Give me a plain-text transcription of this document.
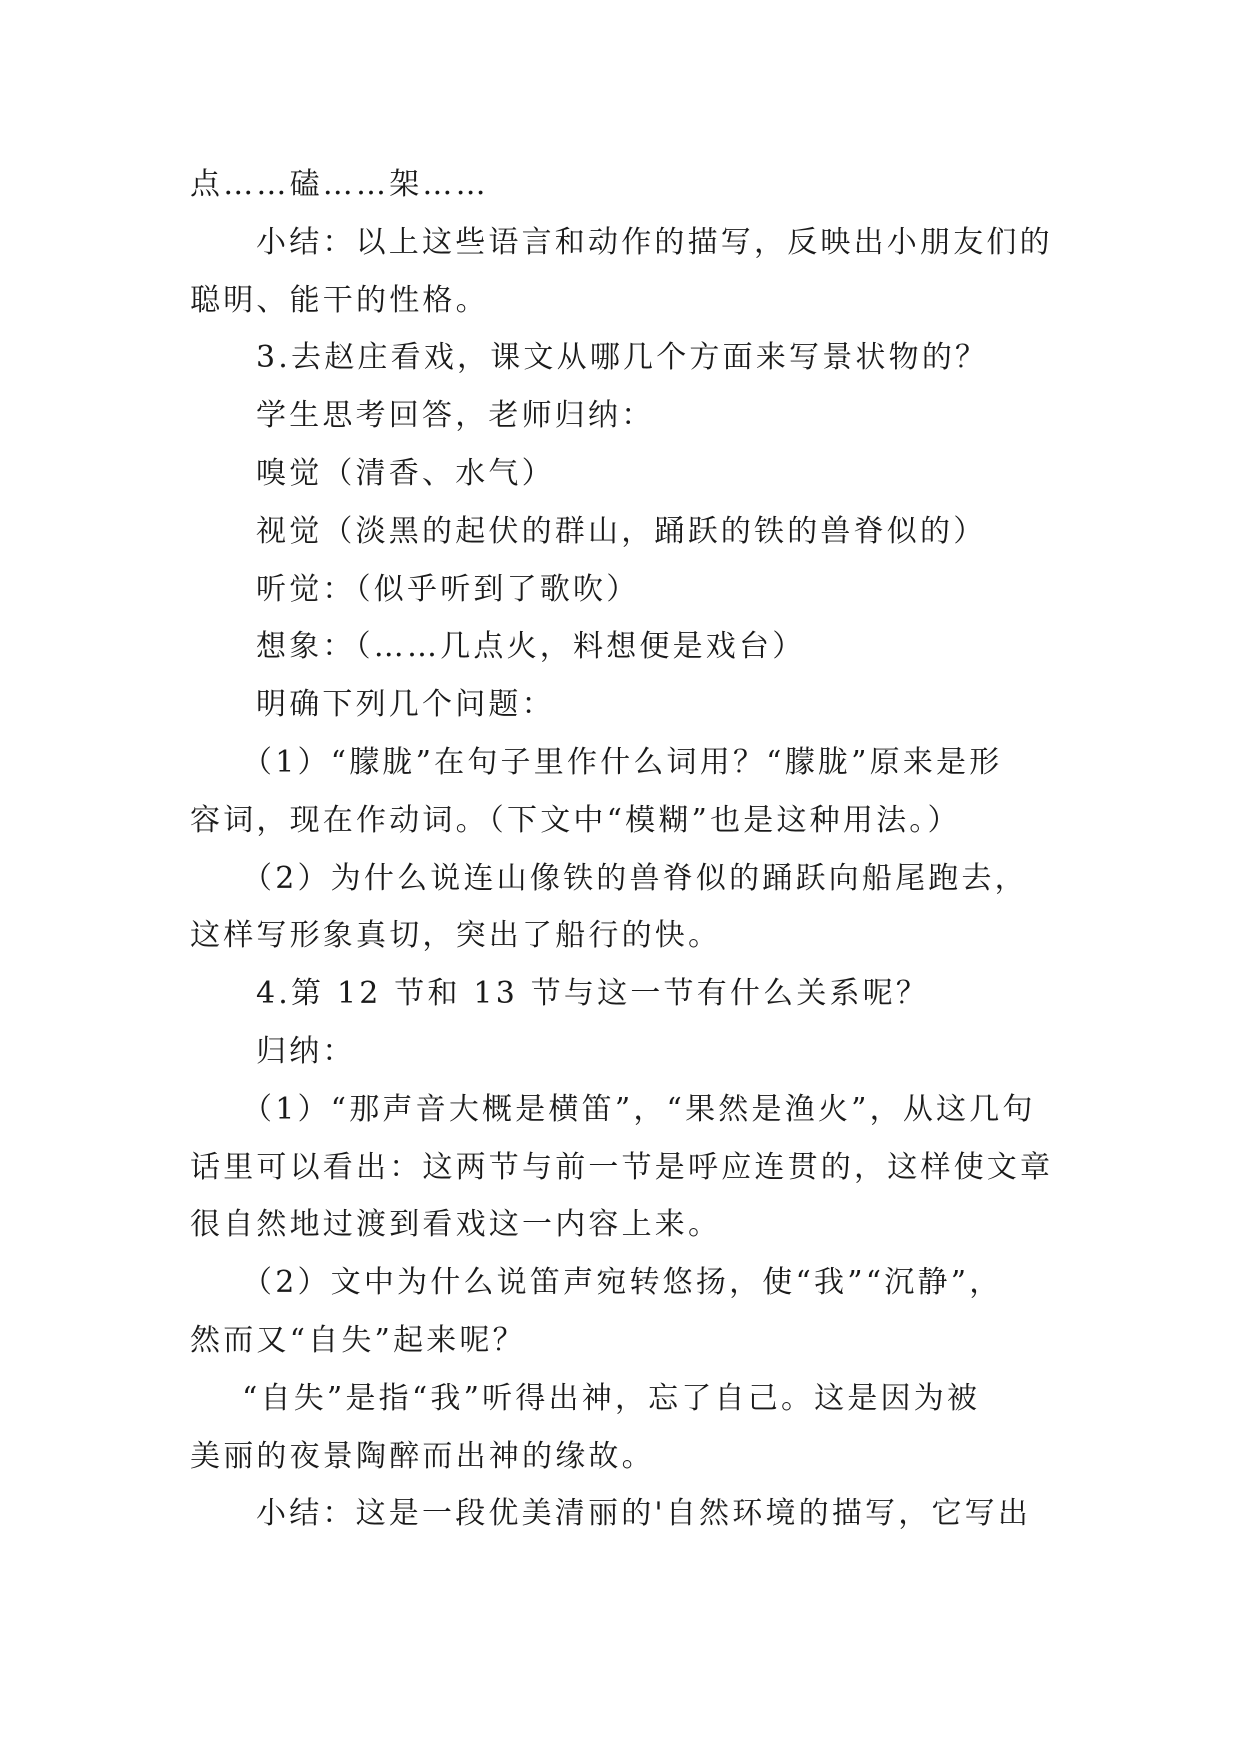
点……磕……架……
小结：以上这些语言和动作的描写，反映出小朋友们的
聪明、能干的性格。
3.去赵庄看戏，课文从哪几个方面来写景状物的？
学生思考回答，老师归纳：
嗅觉（清香、水气）
视觉（淡黑的起伏的群山，踊跃的铁的兽脊似的）
听觉：（似乎听到了歌吹）
想象：（……几点火，料想便是戏台）
明确下列几个问题：
（1）“朦胧”在句子里作什么词用？“朦胧”原来是形
容词，现在作动词。（下文中“模糊”也是这种用法。）
（2）为什么说连山像铁的兽脊似的踊跃向船尾跑去，
这样写形象真切，突出了船行的快。
4.第 12 节和 13 节与这一节有什么关系呢？
归纳：
（1）“那声音大概是横笛”，“果然是渔火”，从这几句
话里可以看出：这两节与前一节是呼应连贯的，这样使文章
很自然地过渡到看戏这一内容上来。
（2）文中为什么说笛声宛转悠扬，使“我”“沉静”，
然而又“自失”起来呢？
“自失”是指“我”听得出神，忘了自己。这是因为被
美丽的夜景陶醉而出神的缘故。
小结：这是一段优美清丽的'自然环境的描写，它写出
